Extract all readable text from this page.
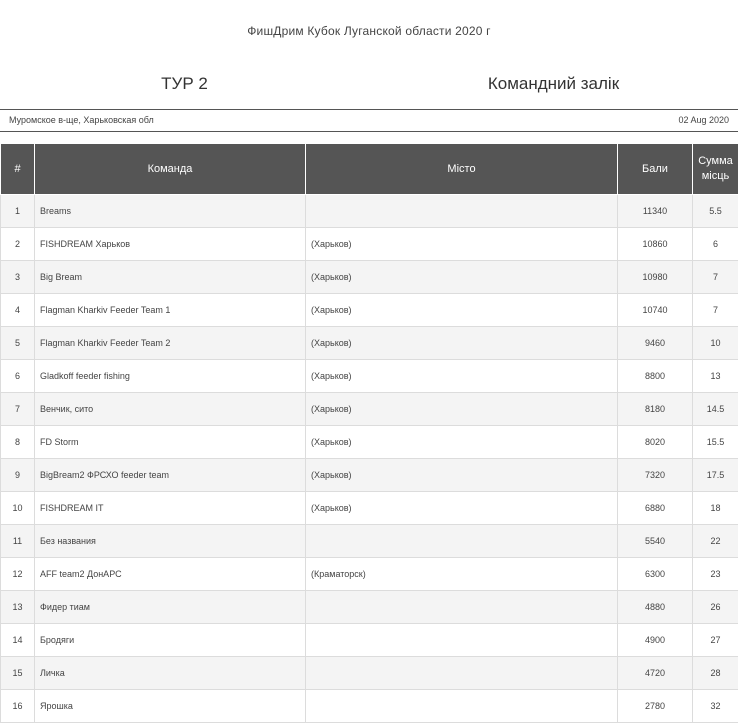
ФишДрим Кубок Луганской области 2020 г
ТУР 2	Командний залік
Муромское в-ще, Харьковская обл	02 Aug 2020
#	Команда	Місто	Бали	Сумма
місць
1	Breams		11340	5.5
2	FISHDREAM Харьков	(Харьков)	10860	6
3	Big Bream	(Харьков)	10980	7
4	Flagman Kharkiv Feeder Team 1	(Харьков)	10740	7
5	Flagman Kharkiv Feeder Team 2	(Харьков)	9460	10
6	Gladkoff feeder fishing	(Харьков)	8800	13
7	Венчик, сито	(Харьков)	8180	14.5
8	FD Storm	(Харьков)	8020	15.5
9	BigBream2 ФРСХО feeder team	(Харьков)	7320	17.5
10	FISHDREAM IT	(Харьков)	6880	18
11	Без названия		5540	22
12	AFF team2 ДонАРС	(Краматорск)	6300	23
13	Фидер тиам		4880	26
14	Бродяги		4900	27
15	Личка		4720	28
16	Ярошка		2780	32
